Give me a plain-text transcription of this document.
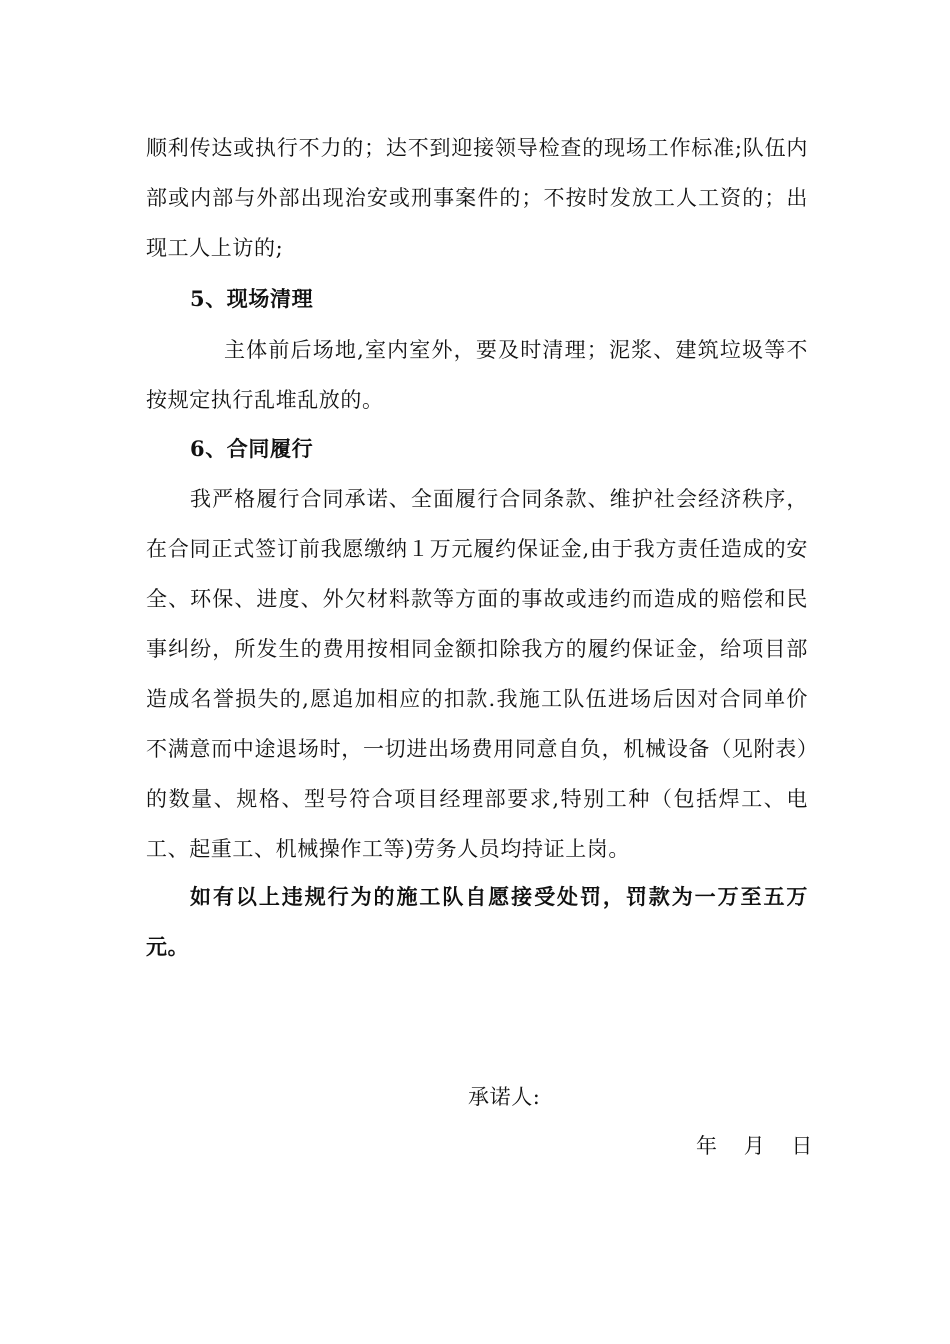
顺利传达或执行不力的；达不到迎接领导检查的现场工作标准;队伍内部或内部与外部出现治安或刑事案件的；不按时发放工人工资的；出现工人上访的;

5、现场清理

主体前后场地,室内室外，要及时清理；泥浆、建筑垃圾等不按规定执行乱堆乱放的。

6、合同履行

我严格履行合同承诺、全面履行合同条款、维护社会经济秩序，在合同正式签订前我愿缴纳１万元履约保证金,由于我方责任造成的安全、环保、进度、外欠材料款等方面的事故或违约而造成的赔偿和民事纠纷，所发生的费用按相同金额扣除我方的履约保证金，给项目部造成名誉损失的,愿追加相应的扣款.我施工队伍进场后因对合同单价不满意而中途退场时，一切进出场费用同意自负，机械设备（见附表）的数量、规格、型号符合项目经理部要求,特别工种（包括焊工、电工、起重工、机械操作工等)劳务人员均持证上岗。

如有以上违规行为的施工队自愿接受处罚，罚款为一万至五万元。

承诺人:

年    月    日
